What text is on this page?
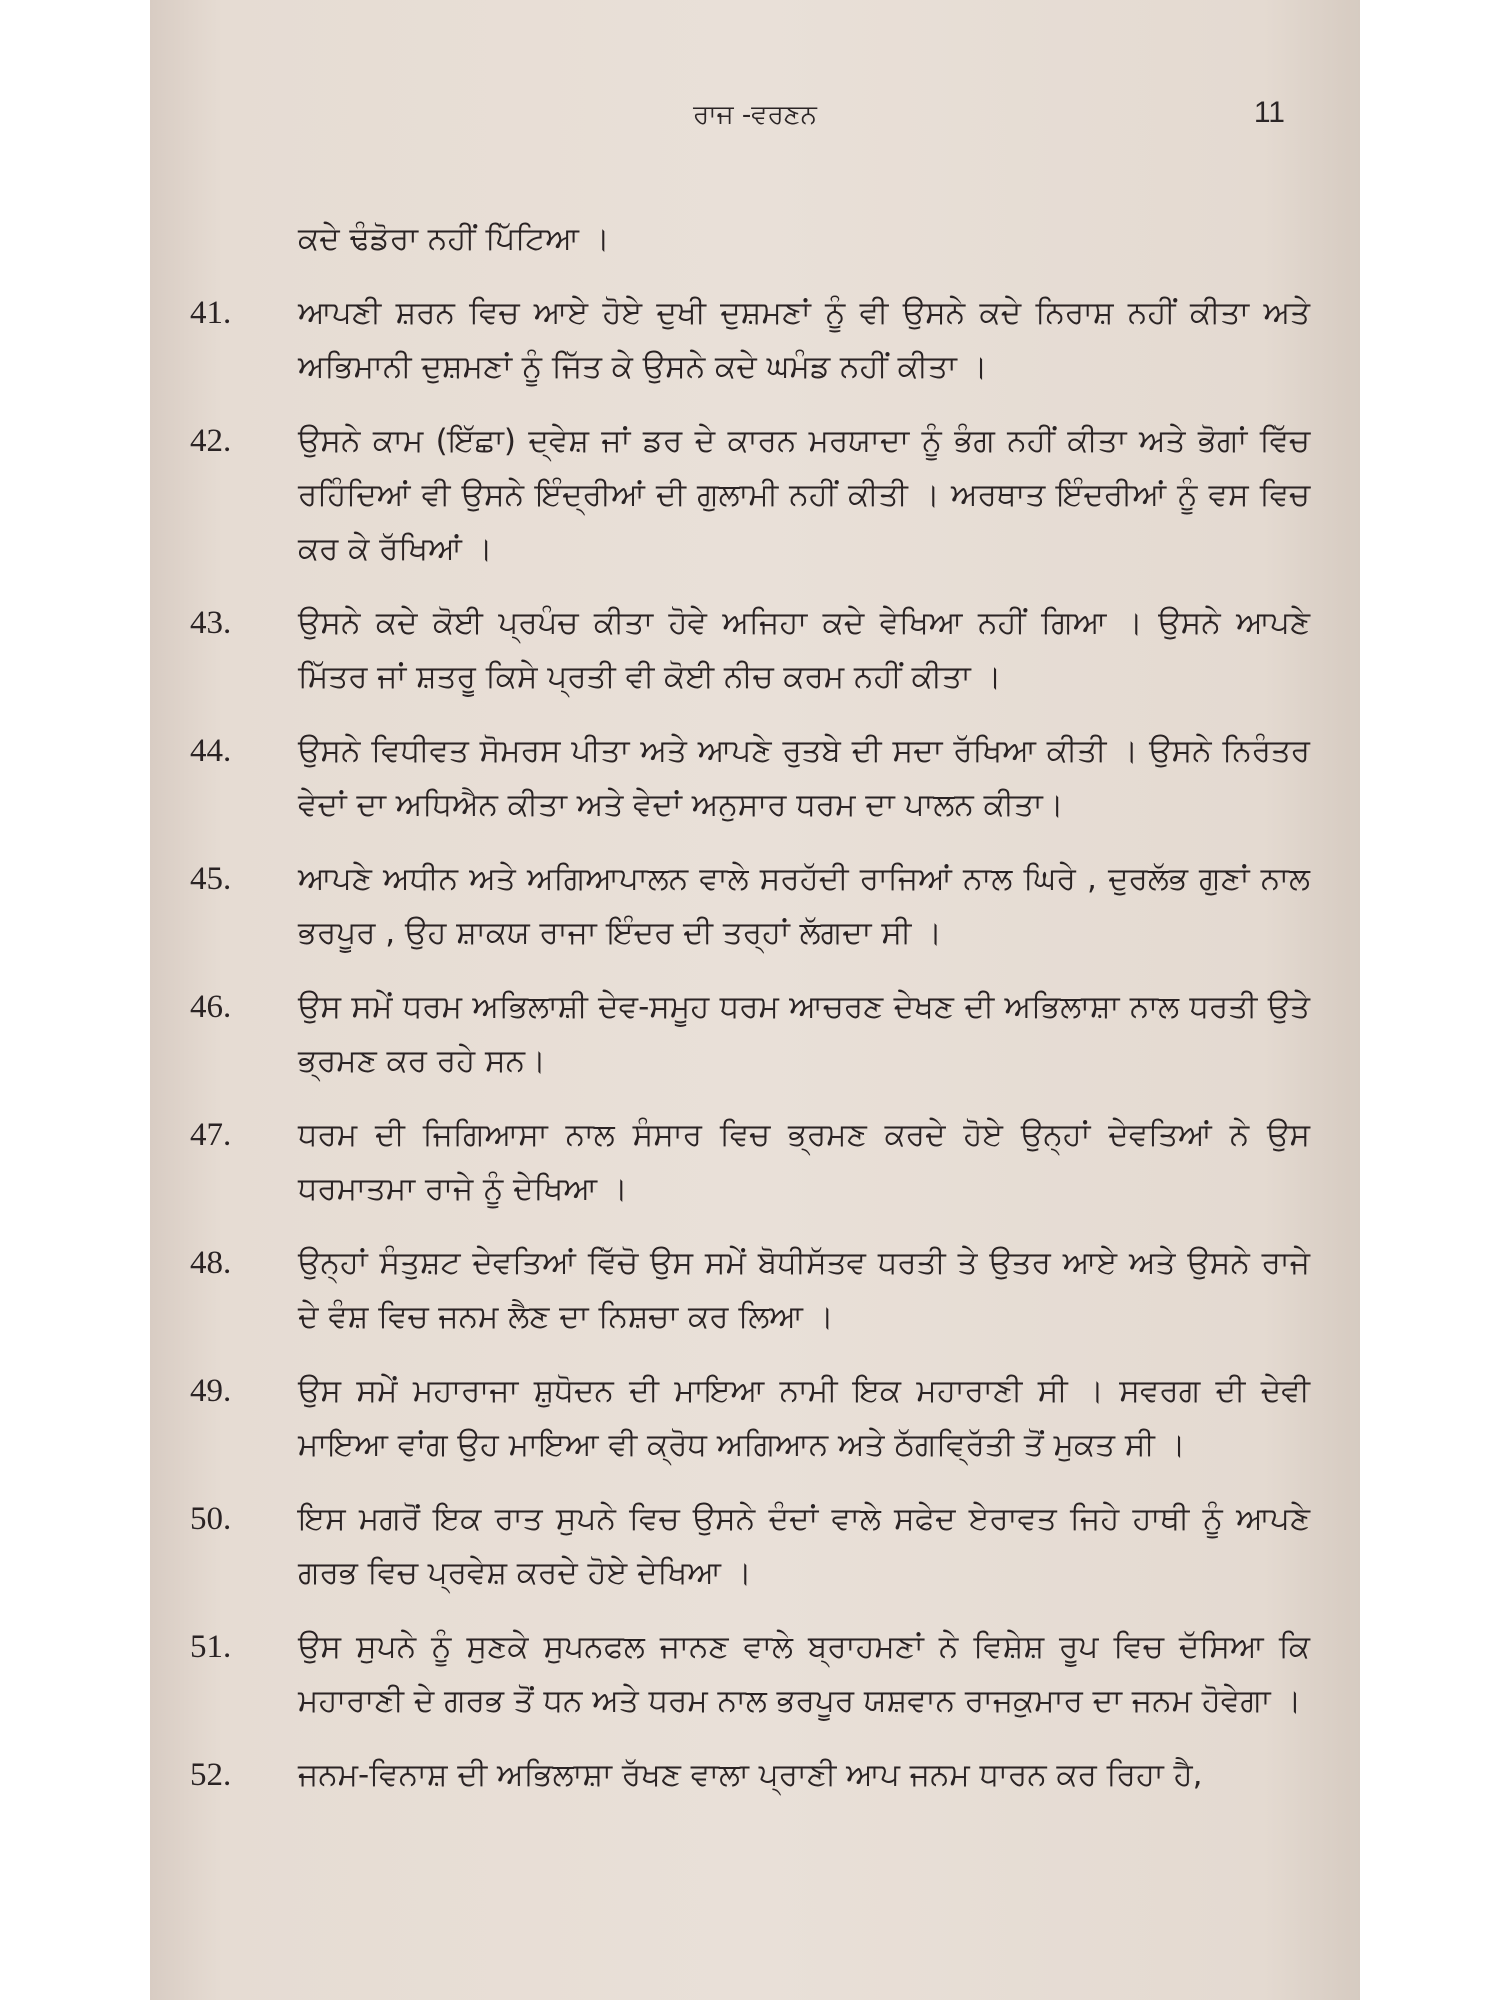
ਰਾਜ -ਵਰਣਨ	11
ਕਦੇ ਢੰਡੋਰਾ ਨਹੀਂ ਪਿੱਟਿਆ ।
41.	ਆਪਣੀ ਸ਼ਰਨ ਵਿਚ ਆਏ ਹੋਏ ਦੁਖੀ ਦੁਸ਼ਮਣਾਂ ਨੂੰ ਵੀ ਉਸਨੇ ਕਦੇ ਨਿਰਾਸ਼ ਨਹੀਂ ਕੀਤਾ ਅਤੇ ਅਭਿਮਾਨੀ ਦੁਸ਼ਮਣਾਂ ਨੂੰ ਜਿੱਤ ਕੇ ਉਸਨੇ ਕਦੇ ਘਮੰਡ ਨਹੀਂ ਕੀਤਾ ।
42.	ਉਸਨੇ ਕਾਮ (ਇੱਛਾ) ਦ੍ਵੇਸ਼ ਜਾਂ ਡਰ ਦੇ ਕਾਰਨ ਮਰਯਾਦਾ ਨੂੰ ਭੰਗ ਨਹੀਂ ਕੀਤਾ ਅਤੇ ਭੋਗਾਂ ਵਿੱਚ ਰਹਿੰਦਿਆਂ ਵੀ ਉਸਨੇ ਇੰਦ੍ਰੀਆਂ ਦੀ ਗੁਲਾਮੀ ਨਹੀਂ ਕੀਤੀ । ਅਰਥਾਤ ਇੰਦਰੀਆਂ ਨੂੰ ਵਸ ਵਿਚ ਕਰ ਕੇ ਰੱਖਿਆਂ ।
43.	ਉਸਨੇ ਕਦੇ ਕੋਈ ਪ੍ਰਪੰਚ ਕੀਤਾ ਹੋਵੇ ਅਜਿਹਾ ਕਦੇ ਵੇਖਿਆ ਨਹੀਂ ਗਿਆ । ਉਸਨੇ ਆਪਣੇ ਮਿੱਤਰ ਜਾਂ ਸ਼ਤਰੂ ਕਿਸੇ ਪ੍ਰਤੀ ਵੀ ਕੋਈ ਨੀਚ ਕਰਮ ਨਹੀਂ ਕੀਤਾ ।
44.	ਉਸਨੇ ਵਿਧੀਵਤ ਸੋਮਰਸ ਪੀਤਾ ਅਤੇ ਆਪਣੇ ਰੁਤਬੇ ਦੀ ਸਦਾ ਰੱਖਿਆ ਕੀਤੀ । ਉਸਨੇ ਨਿਰੰਤਰ ਵੇਦਾਂ ਦਾ ਅਧਿਐਨ ਕੀਤਾ ਅਤੇ ਵੇਦਾਂ ਅਨੁਸਾਰ ਧਰਮ ਦਾ ਪਾਲਨ ਕੀਤਾ।
45.	ਆਪਣੇ ਅਧੀਨ ਅਤੇ ਅਗਿਆਪਾਲਨ ਵਾਲੇ ਸਰਹੱਦੀ ਰਾਜਿਆਂ ਨਾਲ ਘਿਰੇ , ਦੁਰਲੱਭ ਗੁਣਾਂ ਨਾਲ ਭਰਪੂਰ , ਉਹ ਸ਼ਾਕਯ ਰਾਜਾ ਇੰਦਰ ਦੀ ਤਰ੍ਹਾਂ ਲੱਗਦਾ ਸੀ ।
46.	ਉਸ ਸਮੇਂ ਧਰਮ ਅਭਿਲਾਸ਼ੀ ਦੇਵ-ਸਮੂਹ ਧਰਮ ਆਚਰਣ ਦੇਖਣ ਦੀ ਅਭਿਲਾਸ਼ਾ ਨਾਲ ਧਰਤੀ ਉਤੇ ਭ੍ਰਮਣ ਕਰ ਰਹੇ ਸਨ।
47.	ਧਰਮ ਦੀ ਜਿਗਿਆਸਾ ਨਾਲ ਸੰਸਾਰ ਵਿਚ ਭ੍ਰਮਣ ਕਰਦੇ ਹੋਏ ਉਨ੍ਹਾਂ ਦੇਵਤਿਆਂ ਨੇ ਉਸ ਧਰਮਾਤਮਾ ਰਾਜੇ ਨੂੰ ਦੇਖਿਆ ।
48.	ਉਨ੍ਹਾਂ ਸੰਤੁਸ਼ਟ ਦੇਵਤਿਆਂ ਵਿੱਚੋ ਉਸ ਸਮੇਂ ਬੋਧੀਸੱਤਵ ਧਰਤੀ ਤੇ ਉਤਰ ਆਏ ਅਤੇ ਉਸਨੇ ਰਾਜੇ ਦੇ ਵੰਸ਼ ਵਿਚ ਜਨਮ ਲੈਣ ਦਾ ਨਿਸ਼ਚਾ ਕਰ ਲਿਆ ।
49.	ਉਸ ਸਮੇਂ ਮਹਾਰਾਜਾ ਸ਼ੁਧੋਦਨ ਦੀ ਮਾਇਆ ਨਾਮੀ ਇਕ ਮਹਾਰਾਣੀ ਸੀ । ਸਵਰਗ ਦੀ ਦੇਵੀ ਮਾਇਆ ਵਾਂਗ ਉਹ ਮਾਇਆ ਵੀ ਕ੍ਰੋਧ ਅਗਿਆਨ ਅਤੇ ਠੱਗਵ੍ਰਿੱਤੀ ਤੋਂ ਮੁਕਤ ਸੀ ।
50.	ਇਸ ਮਗਰੋਂ ਇਕ ਰਾਤ ਸੁਪਨੇ ਵਿਚ ਉਸਨੇ ਦੰਦਾਂ ਵਾਲੇ ਸਫੇਦ ਏਰਾਵਤ ਜਿਹੇ ਹਾਥੀ ਨੂੰ ਆਪਣੇ ਗਰਭ ਵਿਚ ਪ੍ਰਵੇਸ਼ ਕਰਦੇ ਹੋਏ ਦੇਖਿਆ ।
51.	ਉਸ ਸੁਪਨੇ ਨੂੰ ਸੁਣਕੇ ਸੁਪਨਫਲ ਜਾਨਣ ਵਾਲੇ ਬ੍ਰਾਹਮਣਾਂ ਨੇ ਵਿਸ਼ੇਸ਼ ਰੂਪ ਵਿਚ ਦੱਸਿਆ ਕਿ ਮਹਾਰਾਣੀ ਦੇ ਗਰਭ ਤੋਂ ਧਨ ਅਤੇ ਧਰਮ ਨਾਲ ਭਰਪੂਰ ਯਸ਼ਵਾਨ ਰਾਜਕੁਮਾਰ ਦਾ ਜਨਮ ਹੋਵੇਗਾ ।
52.	ਜਨਮ-ਵਿਨਾਸ਼ ਦੀ ਅਭਿਲਾਸ਼ਾ ਰੱਖਣ ਵਾਲਾ ਪ੍ਰਾਣੀ ਆਪ ਜਨਮ ਧਾਰਨ ਕਰ ਰਿਹਾ ਹੈ,
